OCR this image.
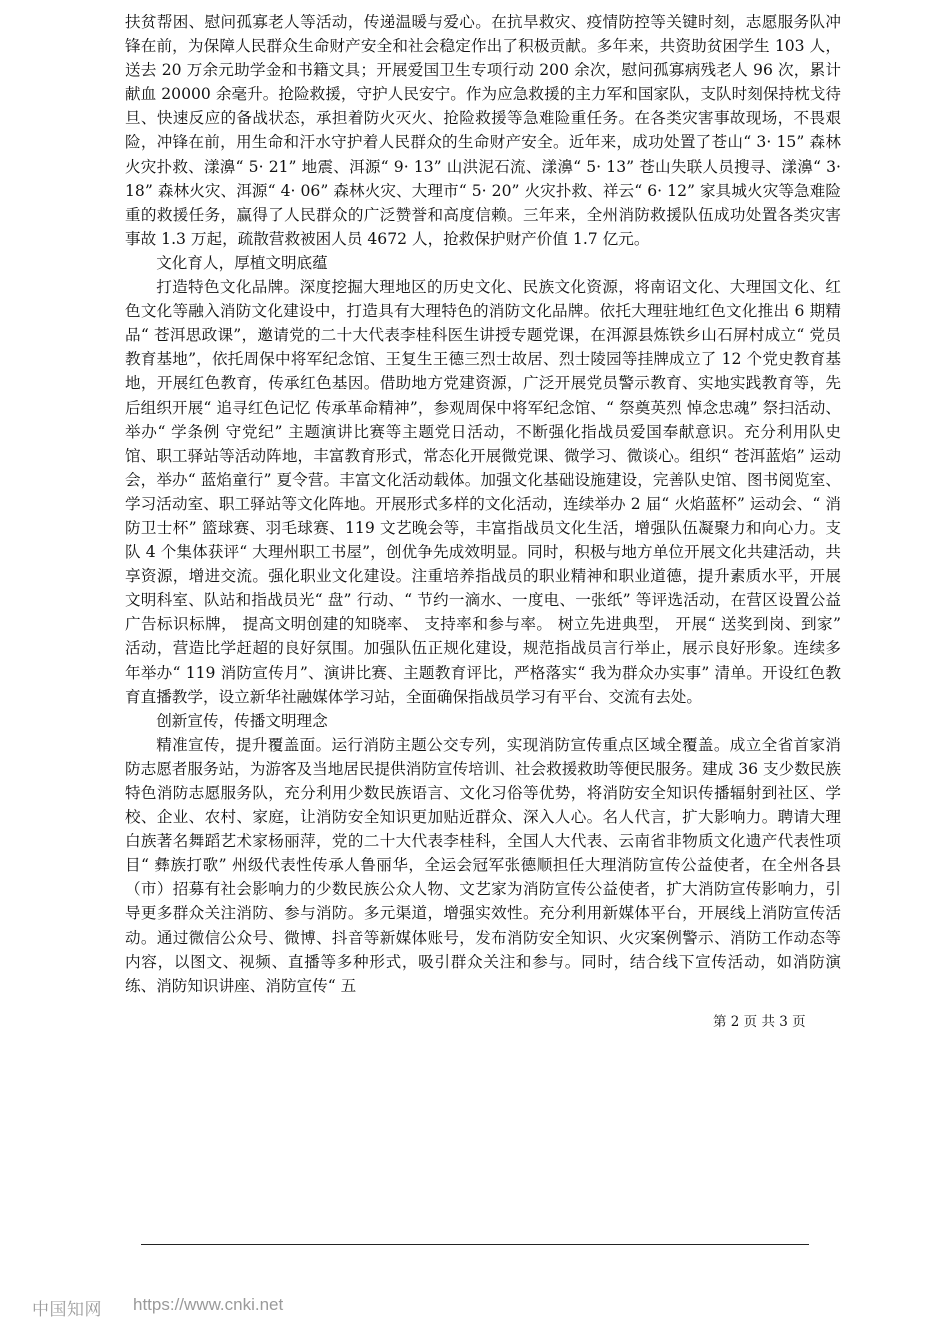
扶贫帮困、慰问孤寡老人等活动，传递温暖与爱心。在抗旱救灾、疫情防控等关键时刻，志愿服务队冲锋在前，为保障人民群众生命财产安全和社会稳定作出了积极贡献。多年来，共资助贫困学生 103 人，送去 20 万余元助学金和书籍文具；开展爱国卫生专项行动 200 余次，慰问孤寡病残老人 96 次，累计献血 20000 余毫升。抢险救援，守护人民安宁。作为应急救援的主力军和国家队，支队时刻保持枕戈待旦、快速反应的备战状态，承担着防火灭火、抢险救援等急难险重任务。在各类灾害事故现场，不畏艰险，冲锋在前，用生命和汗水守护着人民群众的生命财产安全。近年来，成功处置了苍山“ 3· 15” 森林火灾扑救、漾濞“ 5· 21” 地震、洱源“ 9· 13” 山洪泥石流、漾濞“ 5· 13” 苍山失联人员搜寻、漾濞“ 3· 18” 森林火灾、洱源“ 4· 06” 森林火灾、大理市“ 5· 20” 火灾扑救、祥云“ 6· 12” 家具城火灾等急难险重的救援任务，赢得了人民群众的广泛赞誉和高度信赖。三年来，全州消防救援队伍成功处置各类灾害事故 1.3 万起，疏散营救被困人员 4672 人，抢救保护财产价值 1.7 亿元。

文化育人，厚植文明底蕴

打造特色文化品牌。深度挖掘大理地区的历史文化、民族文化资源，将南诏文化、大理国文化、红色文化等融入消防文化建设中，打造具有大理特色的消防文化品牌。依托大理驻地红色文化推出 6 期精品“ 苍洱思政课”，邀请党的二十大代表李桂科医生讲授专题党课，在洱源县炼铁乡山石屏村成立“ 党员教育基地”，依托周保中将军纪念馆、王复生王德三烈士故居、烈士陵园等挂牌成立了 12 个党史教育基地，开展红色教育，传承红色基因。借助地方党建资源，广泛开展党员警示教育、实地实践教育等，先后组织开展“ 追寻红色记忆 传承革命精神”，参观周保中将军纪念馆、“ 祭奠英烈 悼念忠魂” 祭扫活动、举办“ 学条例 守党纪” 主题演讲比赛等主题党日活动，不断强化指战员爱国奉献意识。充分利用队史馆、职工驿站等活动阵地，丰富教育形式，常态化开展微党课、微学习、微谈心。组织“ 苍洱蓝焰” 运动会，举办“ 蓝焰童行” 夏令营。丰富文化活动载体。加强文化基础设施建设，完善队史馆、图书阅览室、学习活动室、职工驿站等文化阵地。开展形式多样的文化活动，连续举办 2 届“ 火焰蓝杯” 运动会、“ 消防卫士杯” 篮球赛、羽毛球赛、119 文艺晚会等，丰富指战员文化生活，增强队伍凝聚力和向心力。支队 4 个集体获评“ 大理州职工书屋”，创优争先成效明显。同时，积极与地方单位开展文化共建活动，共享资源，增进交流。强化职业文化建设。注重培养指战员的职业精神和职业道德，提升素质水平，开展文明科室、队站和指战员光“ 盘” 行动、“ 节约一滴水、一度电、一张纸” 等评选活动，在营区设置公益广告标识标牌， 提高文明创建的知晓率、 支持率和参与率。 树立先进典型， 开展“ 送奖到岗、到家” 活动，营造比学赶超的良好氛围。加强队伍正规化建设，规范指战员言行举止，展示良好形象。连续多年举办“ 119 消防宣传月”、演讲比赛、主题教育评比，严格落实“ 我为群众办实事” 清单。开设红色教育直播教学，设立新华社融媒体学习站，全面确保指战员学习有平台、交流有去处。

创新宣传，传播文明理念

精准宣传，提升覆盖面。运行消防主题公交专列，实现消防宣传重点区域全覆盖。成立全省首家消防志愿者服务站，为游客及当地居民提供消防宣传培训、社会救援救助等便民服务。建成 36 支少数民族特色消防志愿服务队，充分利用少数民族语言、文化习俗等优势，将消防安全知识传播辐射到社区、学校、企业、农村、家庭，让消防安全知识更加贴近群众、深入人心。名人代言，扩大影响力。聘请大理白族著名舞蹈艺术家杨丽萍，党的二十大代表李桂科，全国人大代表、云南省非物质文化遗产代表性项目“ 彝族打歌” 州级代表性传承人鲁丽华，全运会冠军张德顺担任大理消防宣传公益使者，在全州各县（市）招募有社会影响力的少数民族公众人物、文艺家为消防宣传公益使者，扩大消防宣传影响力，引导更多群众关注消防、参与消防。多元渠道，增强实效性。充分利用新媒体平台，开展线上消防宣传活动。通过微信公众号、微博、抖音等新媒体账号，发布消防安全知识、火灾案例警示、消防工作动态等内容，以图文、视频、直播等多种形式，吸引群众关注和参与。同时，结合线下宣传活动，如消防演练、消防知识讲座、消防宣传“ 五

第 2 页 共 3 页
中国知网 https://www.cnki.net
